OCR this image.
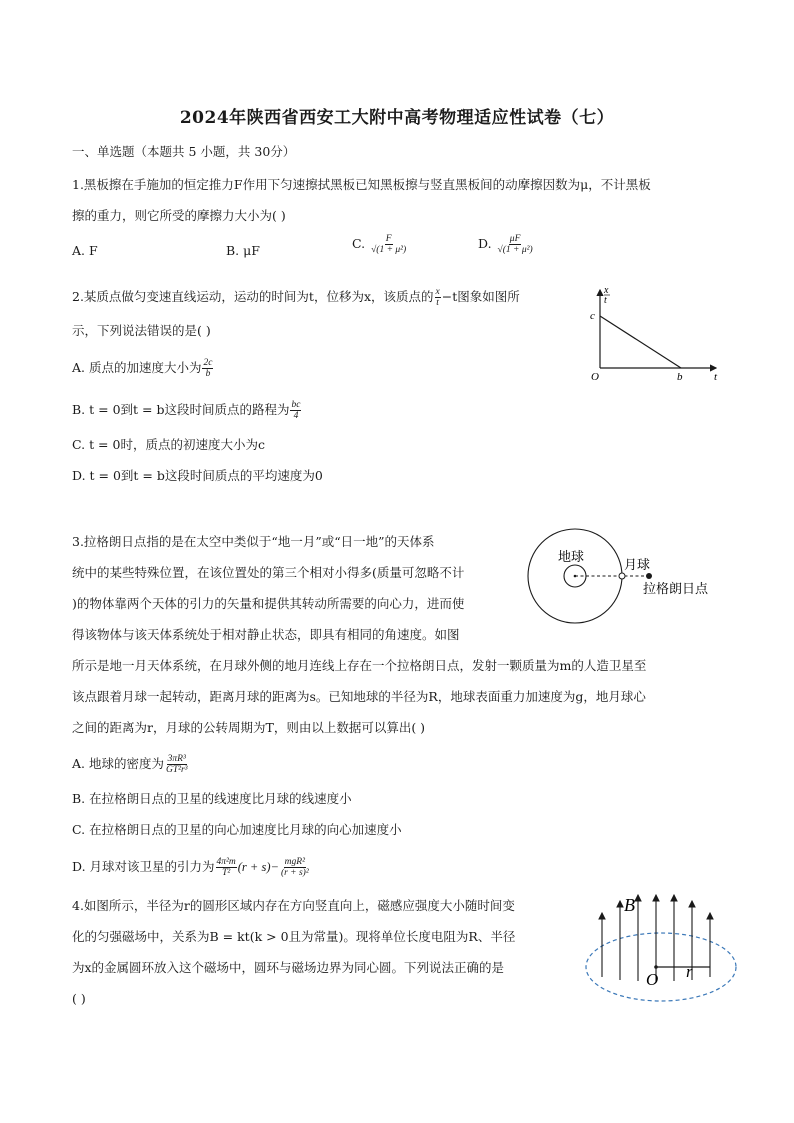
2024年陕西省西安工大附中高考物理适应性试卷（七）
一、单选题（本题共 5 小题，共 30分）
1.黑板擦在手施加的恒定推力F作用下匀速擦拭黑板已知黑板擦与竖直黑板间的动摩擦因数为μ，不计黑板
擦的重力，则它所受的摩擦力大小为( )
A. F	B. μF	C. $\frac{F}{\text{√(1 + μ²)}}$	D. $\frac{\mu F}{\text{√(1 + μ²)}}$
2.某质点做匀变速直线运动，运动的时间为t，位移为x，该质点的 $\frac{x}{t} -t$图象如图所
示，下列说法错误的是( )
A. 质点的加速度大小为 $\frac{2c}{b}$
B. t = 0到t = b这段时间质点的路程为 $\frac{bc}{4}$
C. t = 0时，质点的初速度大小为c
D. t = 0到t = b这段时间质点的平均速度为0
x
t
c
O	b	t
3.拉格朗日点指的是在太空中类似于“地一月”或“日一地”的天体系
统中的某些特殊位置，在该位置处的第三个相对小得多(质量可忽略不计
)的物体靠两个天体的引力的矢量和提供其转动所需要的向心力，进而使
得该物体与该天体系统处于相对静止状态，即具有相同的角速度。如图
所示是地一月天体系统，在月球外侧的地月连线上存在一个拉格朗日点，发射一颗质量为m的人造卫星至
该点跟着月球一起转动，距离月球的距离为s。已知地球的半径为R，地球表面重力加速度为g，地月球心
之间的距离为r，月球的公转周期为T，则由以上数据可以算出( )
A. 地球的密度为 $\frac{\text{3πR³}}{\text{GT²r³}}$
B. 在拉格朗日点的卫星的线速度比月球的线速度小
C. 在拉格朗日点的卫星的向心加速度比月球的向心加速度小
D. 月球对该卫星的引力为 $\frac{\text{4π²m}}{\text{T²}} (r + s)- \frac{\text{mgR²}}{\text{(r + s)²}}$
地球
月球
拉格朗日点
4.如图所示，半径为r的圆形区域内存在方向竖直向上，磁感应强度大小随时间变
化的匀强磁场中，关系为B = kt(k > 0且为常量)。现将单位长度电阻为R、半径
为x的金属圆环放入这个磁场中，圆环与磁场边界为同心圆。下列说法正确的是
( )
B
O r
